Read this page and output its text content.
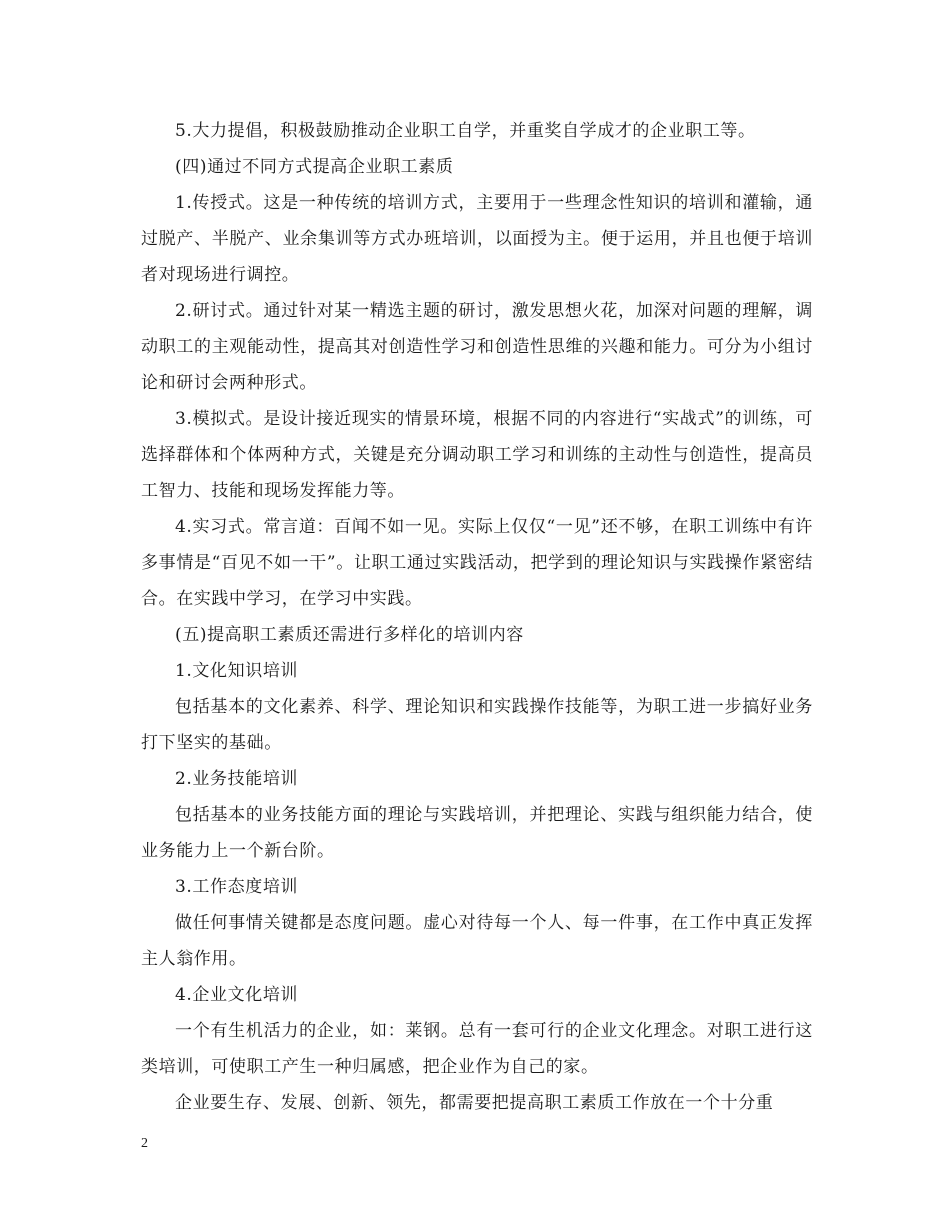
5.大力提倡，积极鼓励推动企业职工自学，并重奖自学成才的企业职工等。

(四)通过不同方式提高企业职工素质

1.传授式。这是一种传统的培训方式，主要用于一些理念性知识的培训和灌输，通过脱产、半脱产、业余集训等方式办班培训，以面授为主。便于运用，并且也便于培训者对现场进行调控。

2.研讨式。通过针对某一精选主题的研讨，激发思想火花，加深对问题的理解，调动职工的主观能动性，提高其对创造性学习和创造性思维的兴趣和能力。可分为小组讨论和研讨会两种形式。

3.模拟式。是设计接近现实的情景环境，根据不同的内容进行“实战式”的训练，可选择群体和个体两种方式，关键是充分调动职工学习和训练的主动性与创造性，提高员工智力、技能和现场发挥能力等。

4.实习式。常言道：百闻不如一见。实际上仅仅“一见”还不够，在职工训练中有许多事情是“百见不如一干”。让职工通过实践活动，把学到的理论知识与实践操作紧密结合。在实践中学习，在学习中实践。

(五)提高职工素质还需进行多样化的培训内容

1.文化知识培训

包括基本的文化素养、科学、理论知识和实践操作技能等，为职工进一步搞好业务打下坚实的基础。

2.业务技能培训

包括基本的业务技能方面的理论与实践培训，并把理论、实践与组织能力结合，使业务能力上一个新台阶。

3.工作态度培训

做任何事情关键都是态度问题。虚心对待每一个人、每一件事，在工作中真正发挥主人翁作用。

4.企业文化培训

一个有生机活力的企业，如：莱钢。总有一套可行的企业文化理念。对职工进行这类培训，可使职工产生一种归属感，把企业作为自己的家。

企业要生存、发展、创新、领先，都需要把提高职工素质工作放在一个十分重

2
